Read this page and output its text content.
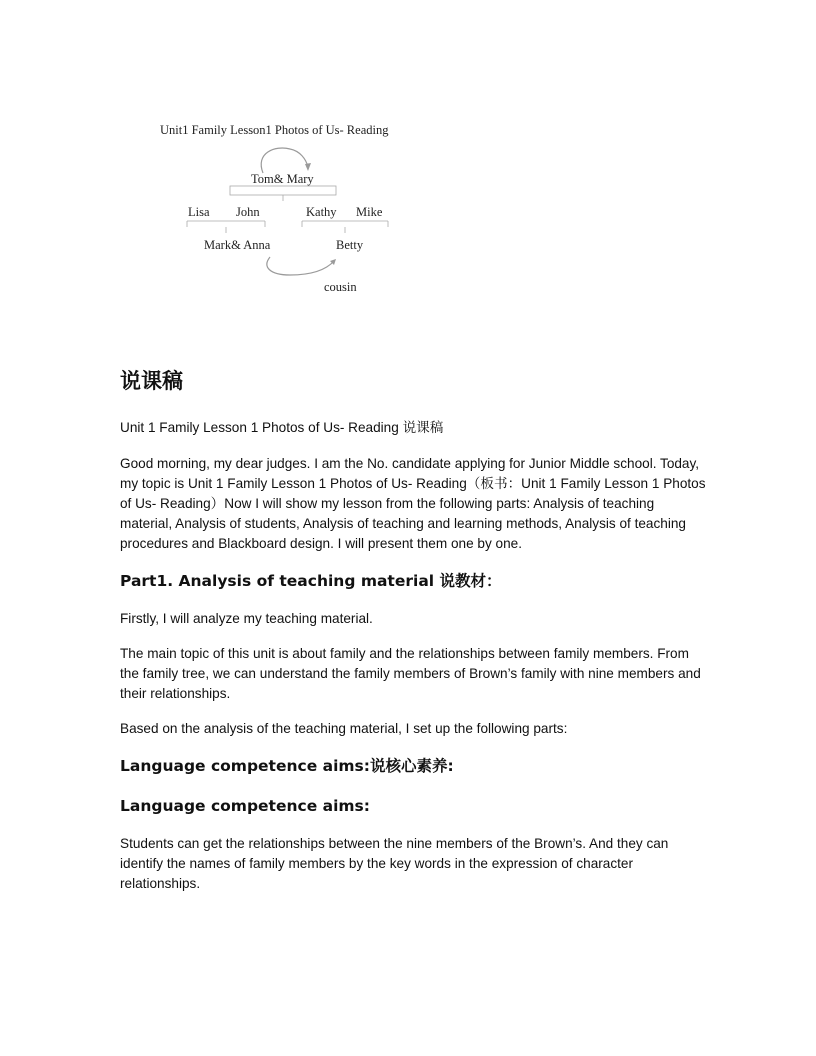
Unit1 Family Lesson1 Photos of Us- Reading
Tom& Mary
Lisa John	Kathy Mike
Mark& Anna	Betty
cousin
说课稿

Unit 1 Family Lesson 1 Photos of Us- Reading 说课稿

Good morning, my dear judges. I am the No. candidate applying for Junior Middle school. Today, my topic is Unit 1 Family Lesson 1 Photos of Us- Reading（板书：Unit 1 Family Lesson 1 Photos of Us- Reading）Now I will show my lesson from the following parts: Analysis of teaching material, Analysis of students, Analysis of teaching and learning methods, Analysis of teaching procedures and Blackboard design. I will present them one by one.

Part1. Analysis of teaching material 说教材：

Firstly, I will analyze my teaching material.

The main topic of this unit is about family and the relationships between family members. From the family tree, we can understand the family members of Brown’s family with nine members and their relationships.

Based on the analysis of the teaching material, I set up the following parts:

Language competence aims:说核心素养:
Language competence aims:

Students can get the relationships between the nine members of the Brown’s. And they can identify the names of family members by the key words in the expression of character relationships.
